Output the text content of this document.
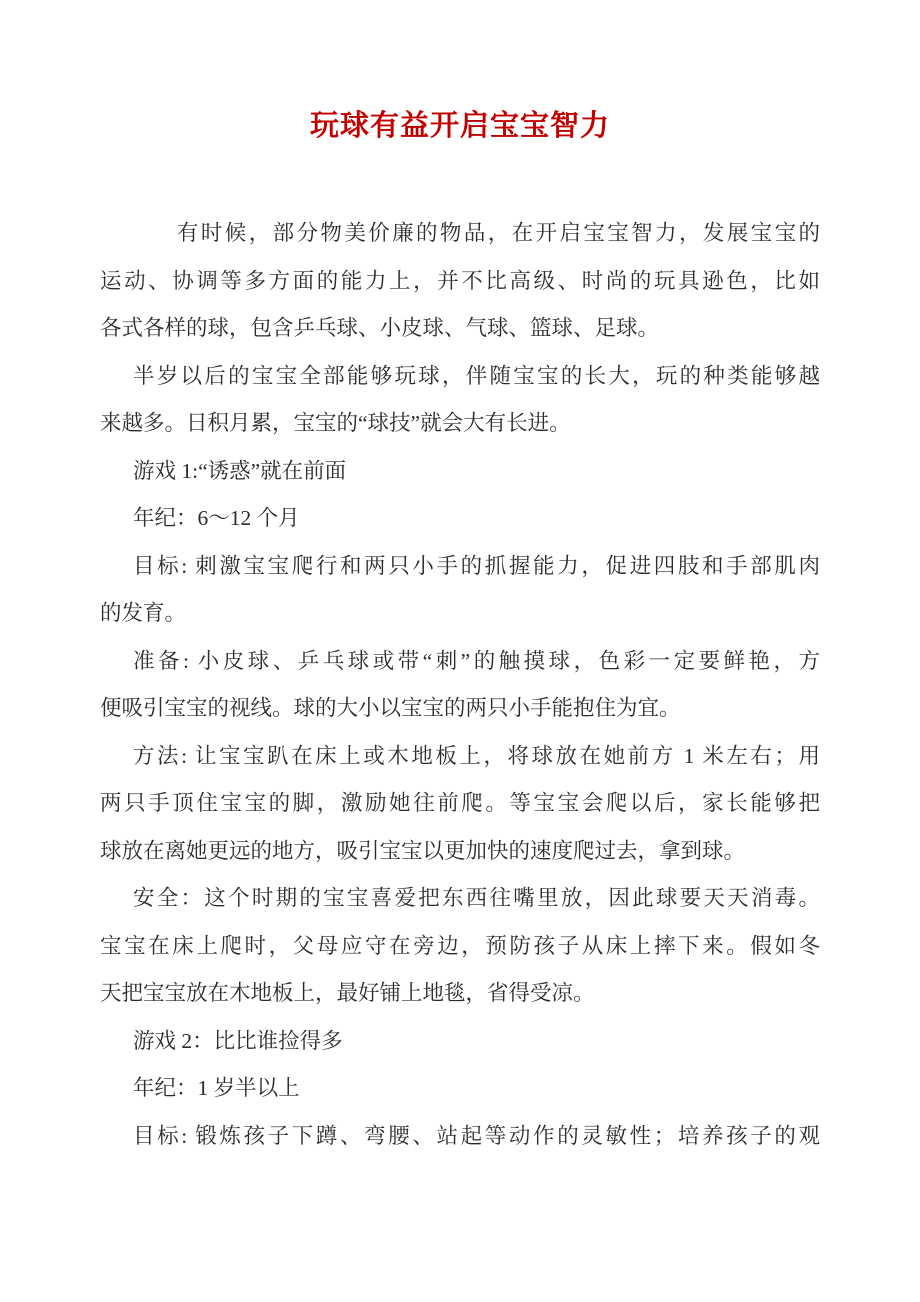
玩球有益开启宝宝智力
有时候，部分物美价廉的物品，在开启宝宝智力，发展宝宝的
运动、协调等多方面的能力上，并不比高级、时尚的玩具逊色，比如
各式各样的球，包含乒乓球、小皮球、气球、篮球、足球。
半岁以后的宝宝全部能够玩球，伴随宝宝的长大，玩的种类能够越
来越多。日积月累，宝宝的“球技”就会大有长进。
游戏 1:“诱惑”就在前面
年纪：6～12 个月
目标: 刺激宝宝爬行和两只小手的抓握能力，促进四肢和手部肌肉
的发育。
准备: 小皮球、乒乓球或带“刺”的触摸球，色彩一定要鲜艳，方
便吸引宝宝的视线。球的大小以宝宝的两只小手能抱住为宜。
方法: 让宝宝趴在床上或木地板上，将球放在她前方 1 米左右；用
两只手顶住宝宝的脚，激励她往前爬。等宝宝会爬以后，家长能够把
球放在离她更远的地方，吸引宝宝以更加快的速度爬过去，拿到球。
安全：这个时期的宝宝喜爱把东西往嘴里放，因此球要天天消毒。
宝宝在床上爬时，父母应守在旁边，预防孩子从床上摔下来。假如冬
天把宝宝放在木地板上，最好铺上地毯，省得受凉。
游戏 2：比比谁捡得多
年纪：1 岁半以上
目标: 锻炼孩子下蹲、弯腰、站起等动作的灵敏性；培养孩子的观
